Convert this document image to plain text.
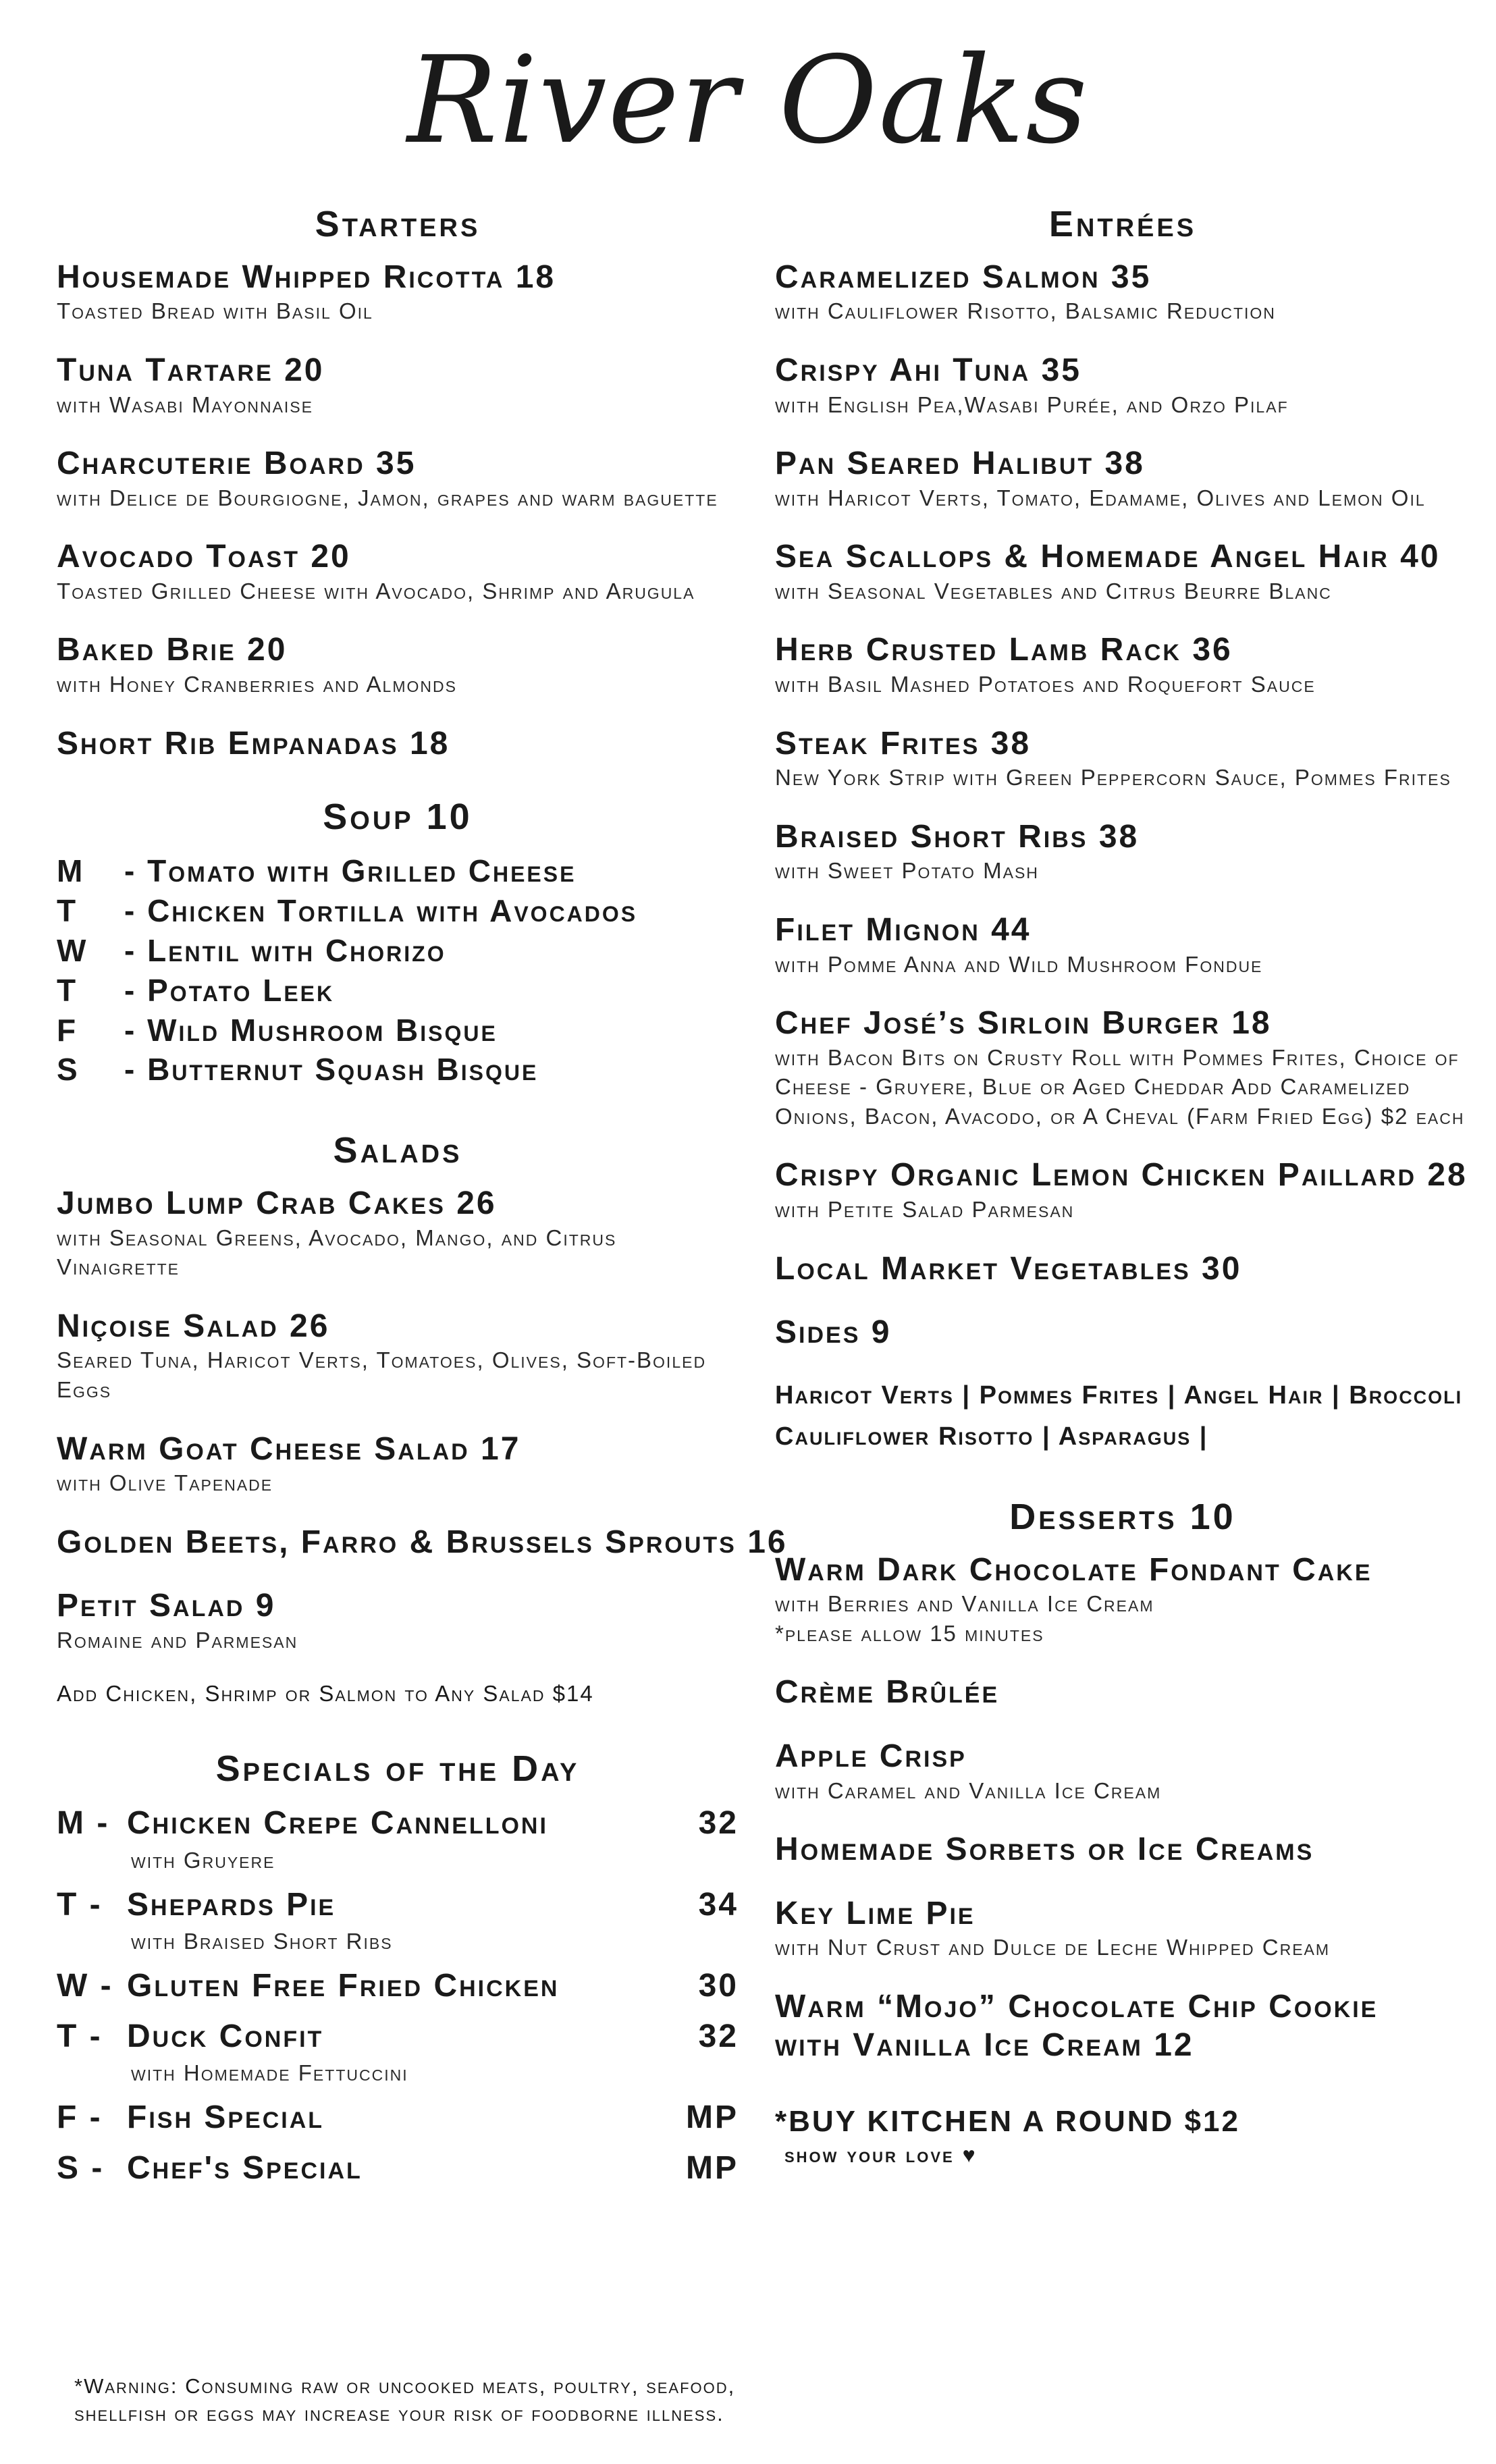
River Oaks
Starters
Housemade Whipped Ricotta 18
Toasted Bread with Basil Oil
Tuna Tartare 20
with Wasabi Mayonnaise
Charcuterie Board 35
with Delice de Bourgiogne, Jamon, grapes and warm baguette
Avocado Toast 20
Toasted Grilled Cheese with Avocado, Shrimp and Arugula
Baked Brie 20
with Honey Cranberries and Almonds
Short Rib Empanadas 18
Soup 10
M - Tomato with Grilled Cheese
T - Chicken Tortilla with Avocados
W - Lentil with Chorizo
T - Potato Leek
F - Wild Mushroom Bisque
S - Butternut Squash Bisque
Salads
Jumbo Lump Crab Cakes 26
with Seasonal Greens, Avocado, Mango, and Citrus Vinaigrette
Niçoise Salad 26
Seared Tuna, Haricot Verts, Tomatoes, Olives, Soft-Boiled Eggs
Warm Goat Cheese Salad 17
with Olive Tapenade
Golden Beets, Farro & Brussels Sprouts 16
Petit Salad 9
Romaine and Parmesan
Add Chicken, Shrimp or Salmon to Any Salad $14
Specials of the Day
M - Chicken Crepe Cannelloni	32
with Gruyere
T - Shepards Pie	34
with Braised Short Ribs
W - Gluten Free Fried Chicken	30
T - Duck Confit	32
with Homemade Fettuccini
F - Fish Special	MP
S - Chef's Special	MP
Entrées
Caramelized Salmon 35
with Cauliflower Risotto, Balsamic Reduction
Crispy Ahi Tuna 35
with English Pea,Wasabi Purée, and Orzo Pilaf
Pan Seared Halibut 38
with Haricot Verts, Tomato, Edamame, Olives and Lemon Oil
Sea Scallops & Homemade Angel Hair 40
with Seasonal Vegetables and Citrus Beurre Blanc
Herb Crusted Lamb Rack 36
with Basil Mashed Potatoes and Roquefort Sauce
Steak Frites 38
New York Strip with Green Peppercorn Sauce, Pommes Frites
Braised Short Ribs 38
with Sweet Potato Mash
Filet Mignon 44
with Pomme Anna and Wild Mushroom Fondue
Chef José’s Sirloin Burger 18
with Bacon Bits on Crusty Roll with Pommes Frites, Choice of Cheese - Gruyere, Blue or Aged Cheddar Add Caramelized Onions, Bacon, Avacodo, or A Cheval (Farm Fried Egg) $2 each
Crispy Organic Lemon Chicken Paillard 28
with Petite Salad Parmesan
Local Market Vegetables 30
Sides 9
Haricot Verts | Pommes Frites | Angel Hair | Broccoli
Cauliflower Risotto | Asparagus |
Desserts 10
Warm Dark Chocolate Fondant Cake
with Berries and Vanilla Ice Cream
*please allow 15 minutes
Crème Brûlée
Apple Crisp
with Caramel and Vanilla Ice Cream
Homemade Sorbets or Ice Creams
Key Lime Pie
with Nut Crust and Dulce de Leche Whipped Cream
Warm “Mojo” Chocolate Chip Cookie
with Vanilla Ice Cream 12
*BUY KITCHEN A ROUND $12
show your love ♥
*Warning: Consuming raw or uncooked meats, poultry, seafood, shellfish or eggs may increase your risk of foodborne illness.
